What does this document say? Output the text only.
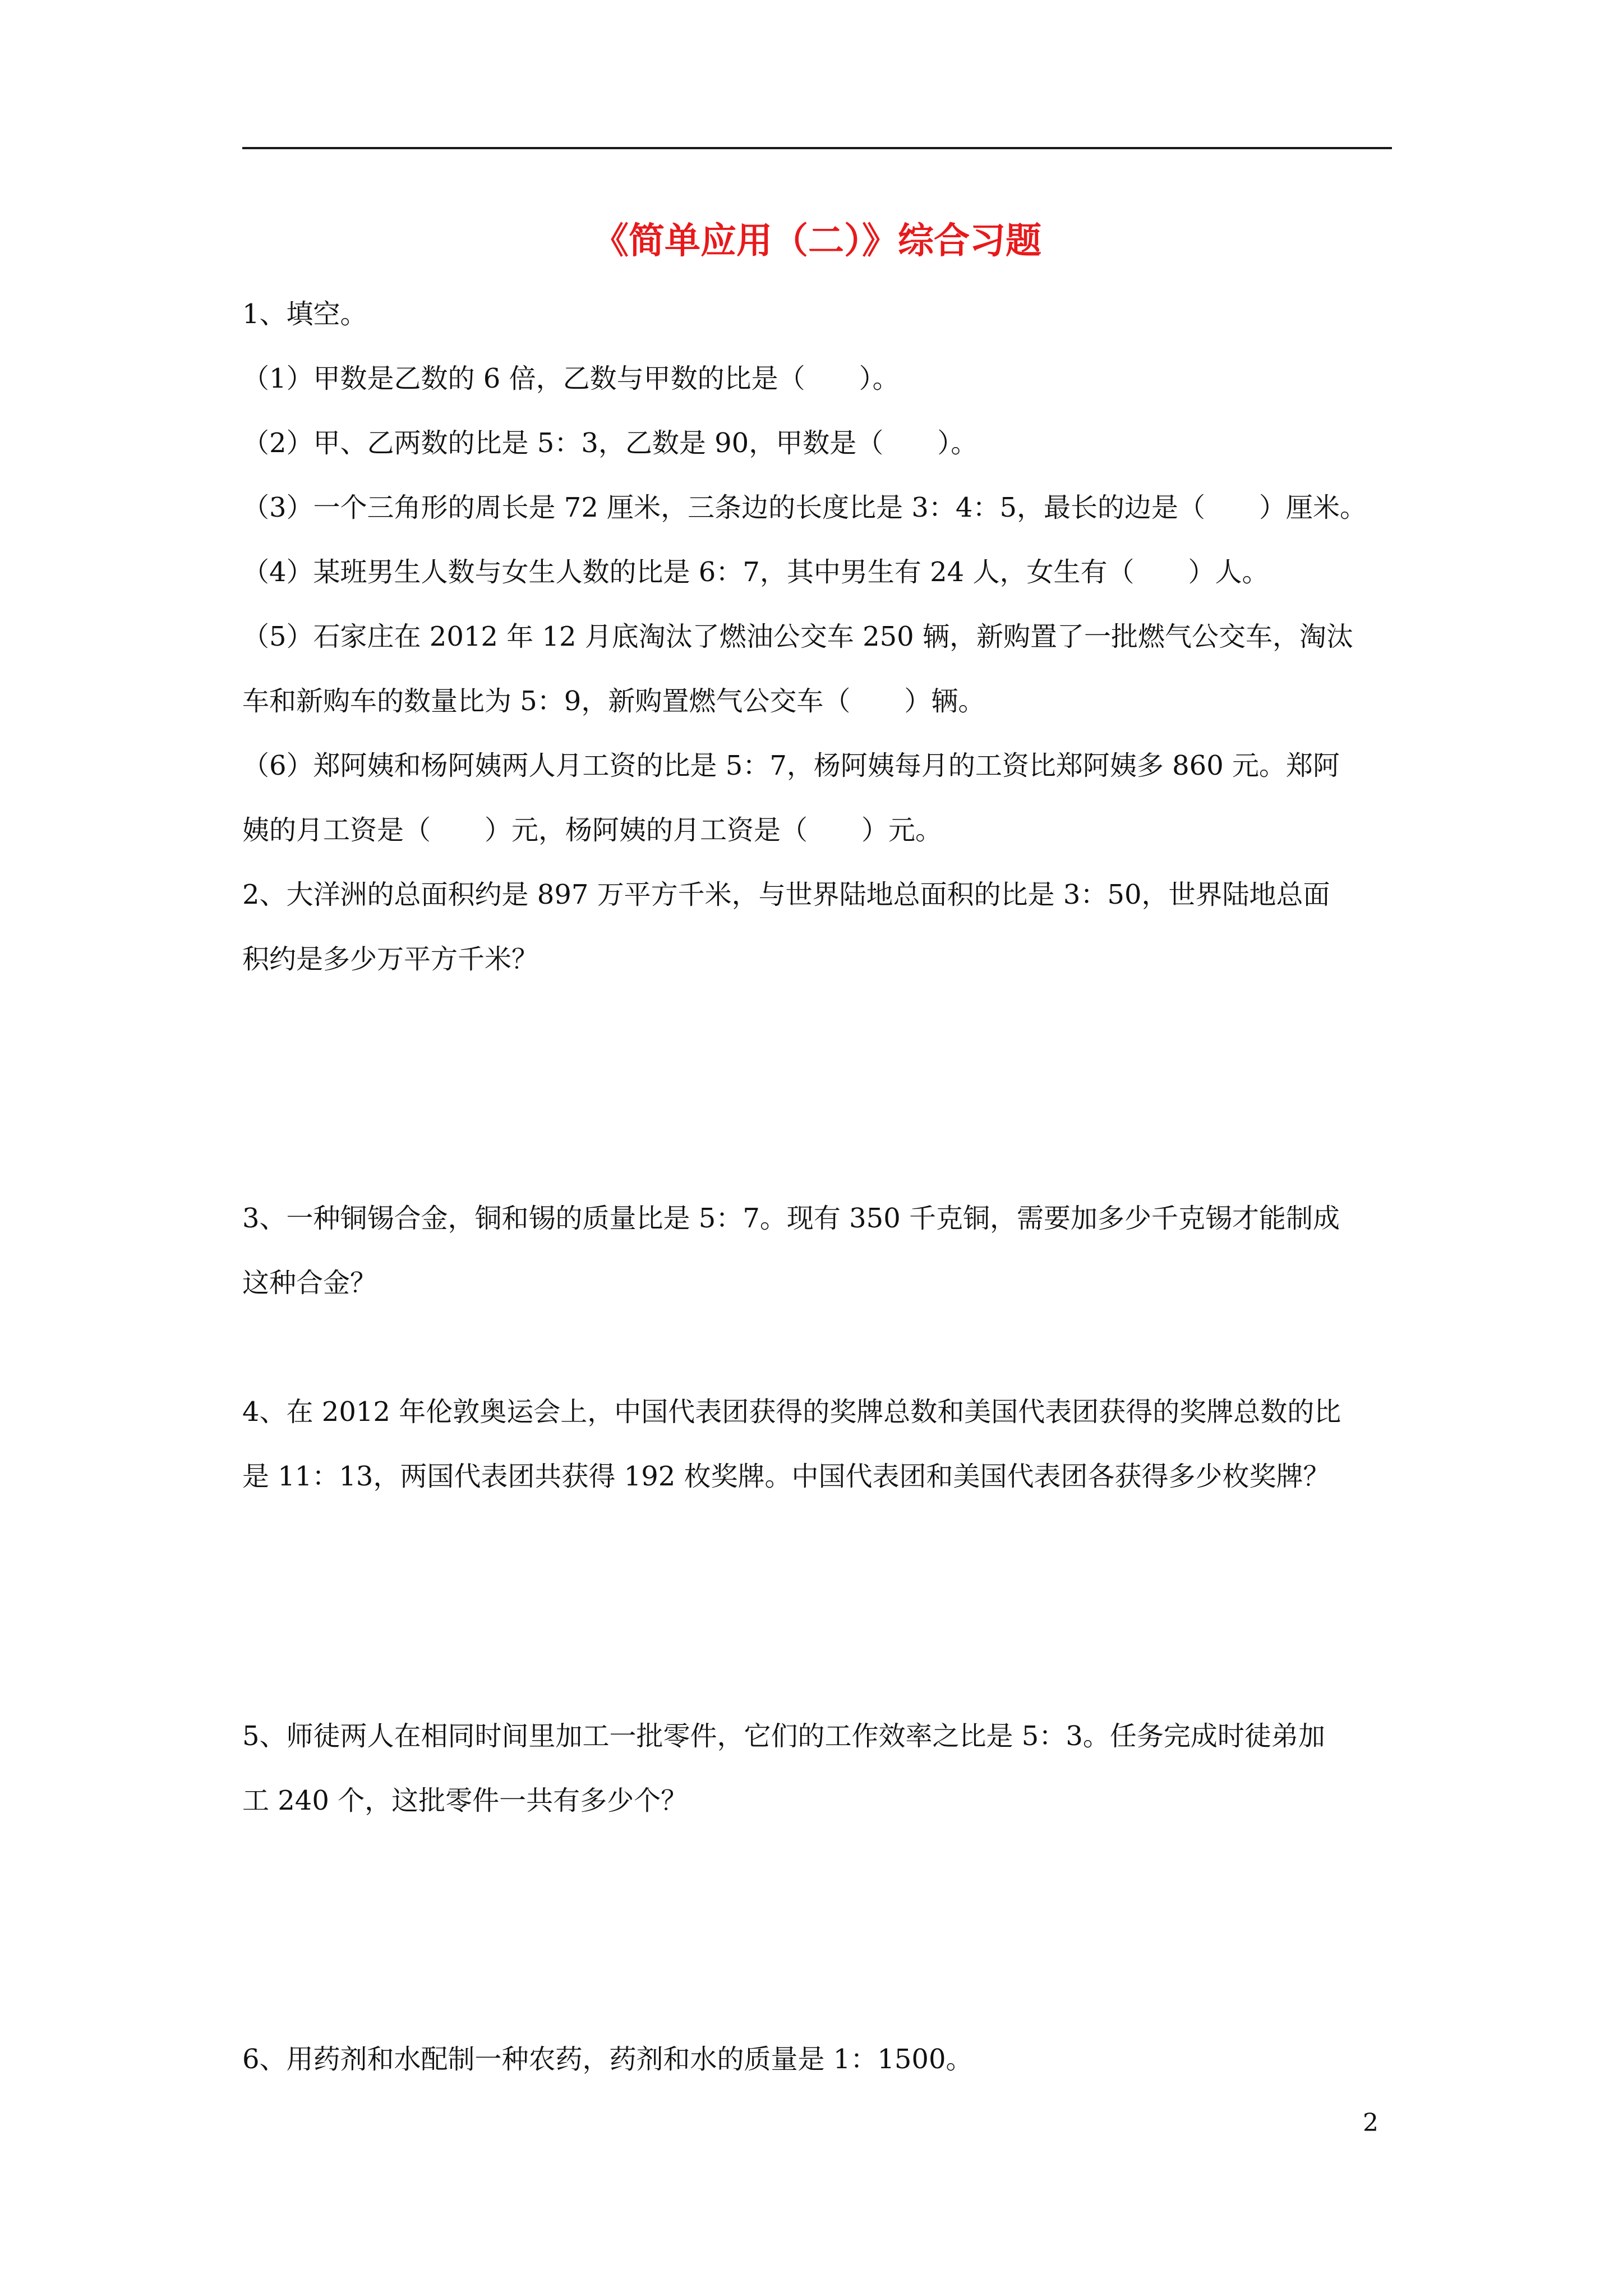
《简单应用（二）》综合习题
1、填空。
（1）甲数是乙数的 6 倍，乙数与甲数的比是（　　）。
（2）甲、乙两数的比是 5：3，乙数是 90，甲数是（　　）。
（3）一个三角形的周长是 72 厘米，三条边的长度比是 3：4：5，最长的边是（　　）厘米。
（4）某班男生人数与女生人数的比是 6：7，其中男生有 24 人，女生有（　　）人。
（5）石家庄在 2012 年 12 月底淘汰了燃油公交车 250 辆，新购置了一批燃气公交车，淘汰
车和新购车的数量比为 5：9，新购置燃气公交车（　　）辆。
（6）郑阿姨和杨阿姨两人月工资的比是 5：7，杨阿姨每月的工资比郑阿姨多 860 元。郑阿
姨的月工资是（　　）元，杨阿姨的月工资是（　　）元。
2、大洋洲的总面积约是 897 万平方千米，与世界陆地总面积的比是 3：50，世界陆地总面
积约是多少万平方千米？
3、一种铜锡合金，铜和锡的质量比是 5：7。现有 350 千克铜，需要加多少千克锡才能制成
这种合金？
4、在 2012 年伦敦奥运会上，中国代表团获得的奖牌总数和美国代表团获得的奖牌总数的比
是 11：13，两国代表团共获得 192 枚奖牌。中国代表团和美国代表团各获得多少枚奖牌？
5、师徒两人在相同时间里加工一批零件，它们的工作效率之比是 5：3。任务完成时徒弟加
工 240 个，这批零件一共有多少个？
6、用药剂和水配制一种农药，药剂和水的质量是 1：1500。
2
